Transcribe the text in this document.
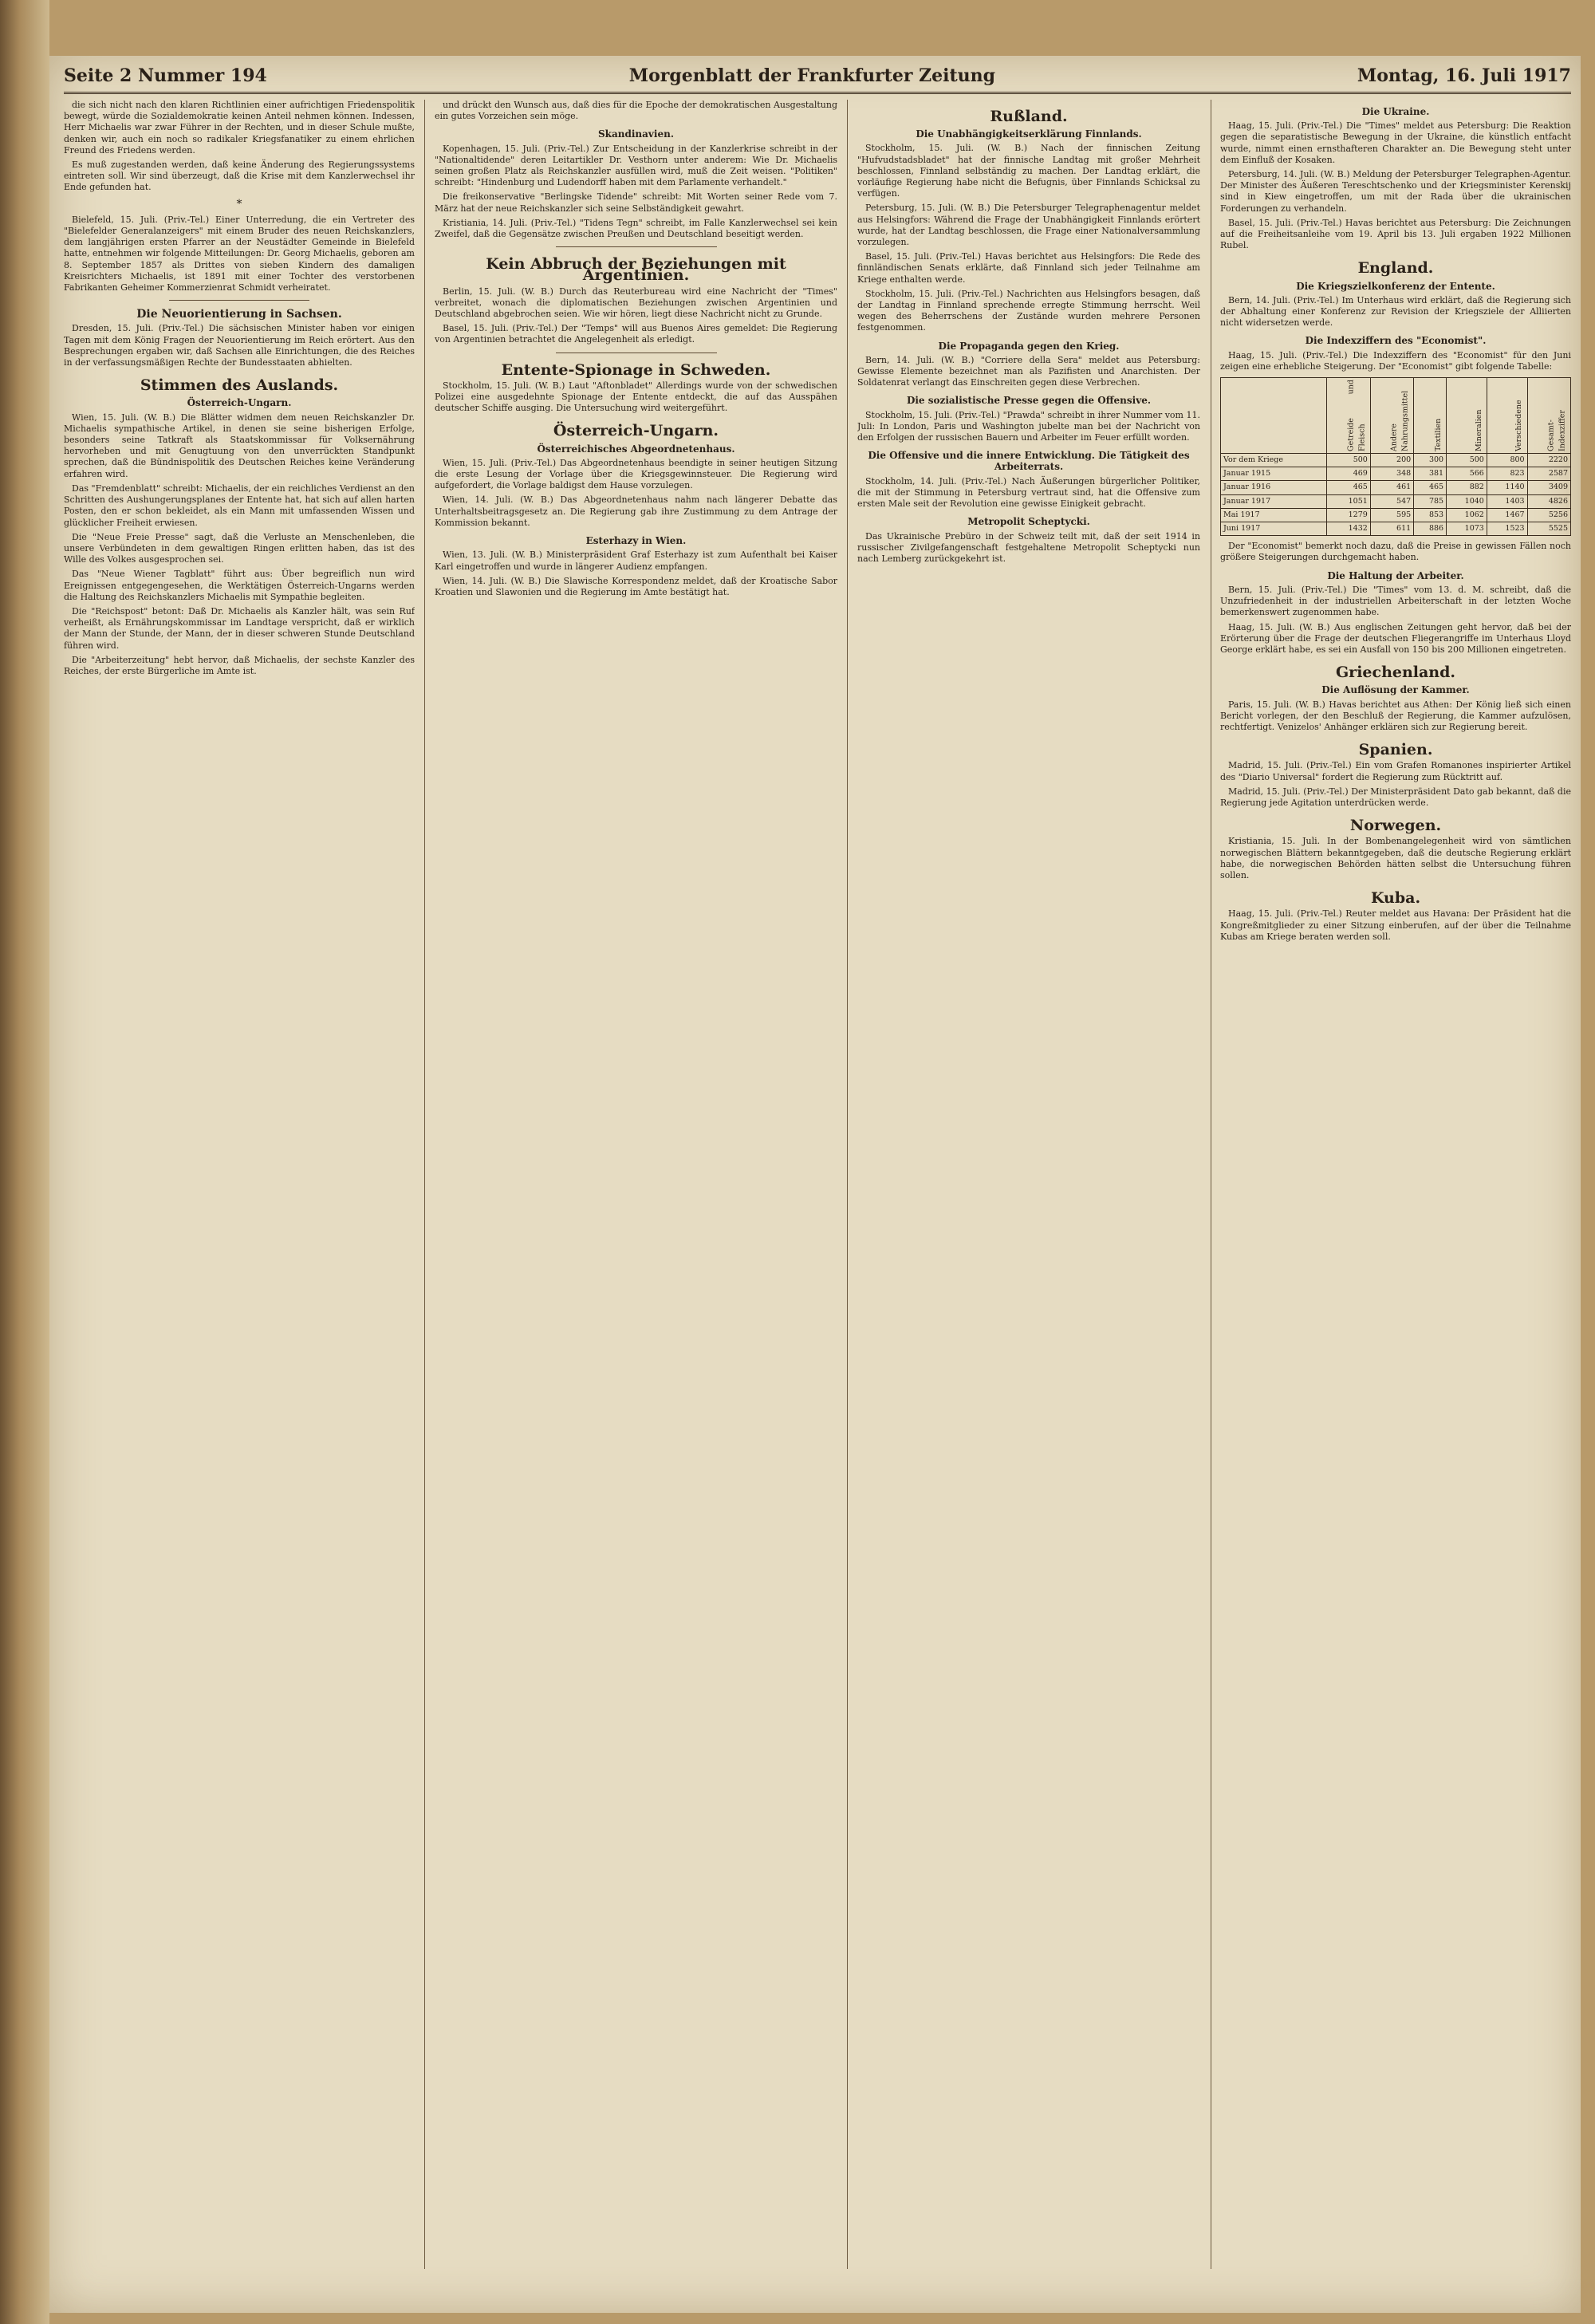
Seite 2 Nummer 194	Morgenblatt der Frankfurter Zeitung	Montag, 16. Juli 1917

die sich nicht nach den klaren Richtlinien einer aufrichtigen Friedenspolitik bewegt, würde die Sozialdemokratie keinen Anteil nehmen können. Indessen, Herr Michaelis war zwar Führer in der Rechten, und in dieser Schule mußte, denken wir, auch ein noch so radikaler Kriegsfanatiker zu einem ehrlichen Freund des Friedens werden.

Es muß zugestanden werden, daß keine Änderung des Regierungssystems eintreten soll. Wir sind überzeugt, daß die Krise mit dem Kanzlerwechsel ihr Ende gefunden hat.

*

Bielefeld, 15. Juli. (Priv.-Tel.) Einer Unterredung, die ein Vertreter des "Bielefelder Generalanzeigers" mit einem Bruder des neuen Reichskanzlers, dem langjährigen ersten Pfarrer an der Neustädter Gemeinde in Bielefeld hatte, entnehmen wir folgende Mitteilungen: Dr. Georg Michaelis, geboren am 8. September 1857 als Drittes von sieben Kindern des damaligen Kreisrichters Michaelis, ist 1891 mit einer Tochter des verstorbenen Fabrikanten Geheimer Kommerzienrat Schmidt verheiratet.

Die Neuorientierung in Sachsen.

Dresden, 15. Juli. (Priv.-Tel.) Die sächsischen Minister haben vor einigen Tagen mit dem König Fragen der Neuorientierung im Reich erörtert. Aus den Besprechungen ergaben wir, daß Sachsen alle Einrichtungen, die des Reiches in der verfassungsmäßigen Rechte der Bundesstaaten abhielten.

Stimmen des Auslands.
Österreich-Ungarn.

Wien, 15. Juli. (W. B.) Die Blätter widmen dem neuen Reichskanzler Dr. Michaelis sympathische Artikel, in denen sie seine bisherigen Erfolge, besonders seine Tatkraft als Staatskommissar für Volksernährung hervorheben und mit Genugtuung von den unverrückten Standpunkt sprechen, daß die Bündnispolitik des Deutschen Reiches keine Veränderung erfahren wird.

Das "Fremdenblatt" schreibt: Michaelis, der ein reichliches Verdienst an den Schritten des Aushungerungsplanes der Entente hat, hat sich auf allen harten Posten, den er schon bekleidet, als ein Mann mit umfassenden Wissen und glücklicher Freiheit erwiesen.

Die "Neue Freie Presse" sagt, daß die Verluste an Menschenleben, die unsere Verbündeten in dem gewaltigen Ringen erlitten haben, das ist des Wille des Volkes ausgesprochen sei.

Das "Neue Wiener Tagblatt" führt aus: Über begreiflich nun wird Ereignissen entgegengesehen, die Werktätigen Österreich-Ungarns werden die Haltung des Reichskanzlers Michaelis mit Sympathie begleiten.

Die "Reichspost" betont: Daß Dr. Michaelis als Kanzler hält, was sein Ruf verheißt, als Ernährungskommissar im Landtage verspricht, daß er wirklich der Mann der Stunde, der Mann, der in dieser schweren Stunde Deutschland führen wird.

Die "Arbeiterzeitung" hebt hervor, daß Michaelis, der sechste Kanzler des Reiches, der erste Bürgerliche im Amte ist.

und drückt den Wunsch aus, daß dies für die Epoche der demokratischen Ausgestaltung ein gutes Vorzeichen sein möge.

Skandinavien.

Kopenhagen, 15. Juli. (Priv.-Tel.) Zur Entscheidung in der Kanzlerkrise schreibt in der "Nationaltidende" deren Leitartikler Dr. Vesthorn unter anderem: Wie Dr. Michaelis seinen großen Platz als Reichskanzler ausfüllen wird, muß die Zeit weisen. "Politiken" schreibt: "Hindenburg und Ludendorff haben mit dem Parlamente verhandelt."

Die freikonservative "Berlingske Tidende" schreibt: Mit Worten seiner Rede vom 7. März hat der neue Reichskanzler sich seine Selbständigkeit gewahrt.

Kristiania, 14. Juli. (Priv.-Tel.) "Tidens Tegn" schreibt, im Falle Kanzlerwechsel sei kein Zweifel, daß die Gegensätze zwischen Preußen und Deutschland beseitigt werden.

Kein Abbruch der Beziehungen mit Argentinien.

Berlin, 15. Juli. (W. B.) Durch das Reuterbureau wird eine Nachricht der "Times" verbreitet, wonach die diplomatischen Beziehungen zwischen Argentinien und Deutschland abgebrochen seien. Wie wir hören, liegt diese Nachricht nicht zu Grunde.

Basel, 15. Juli. (Priv.-Tel.) Der "Temps" will aus Buenos Aires gemeldet: Die Regierung von Argentinien betrachtet die Angelegenheit als erledigt.

Entente-Spionage in Schweden.

Stockholm, 15. Juli. (W. B.) Laut "Aftonbladet" Allerdings wurde von der schwedischen Polizei eine ausgedehnte Spionage der Entente entdeckt, die auf das Ausspähen deutscher Schiffe ausging. Die Untersuchung wird weitergeführt.

Österreich-Ungarn.
Österreichisches Abgeordnetenhaus.

Wien, 15. Juli. (Priv.-Tel.) Das Abgeordnetenhaus beendigte in seiner heutigen Sitzung die erste Lesung der Vorlage über die Kriegsgewinnsteuer. Die Regierung wird aufgefordert, die Vorlage baldigst dem Hause vorzulegen.

Wien, 14. Juli. (W. B.) Das Abgeordnetenhaus nahm nach längerer Debatte das Unterhaltsbeitragsgesetz an. Die Regierung gab ihre Zustimmung zu dem Antrage der Kommission bekannt.

Esterhazy in Wien.

Wien, 13. Juli. (W. B.) Ministerpräsident Graf Esterhazy ist zum Aufenthalt bei Kaiser Karl eingetroffen und wurde in längerer Audienz empfangen.

Wien, 14. Juli. (W. B.) Die Slawische Korrespondenz meldet, daß der Kroatische Sabor Kroatien und Slawonien und die Regierung im Amte bestätigt hat.

Rußland.
Die Unabhängigkeitserklärung Finnlands.

Stockholm, 15. Juli. (W. B.) Nach der finnischen Zeitung "Hufvudstadsbladet" hat der finnische Landtag mit großer Mehrheit beschlossen, Finnland selbständig zu machen. Der Landtag erklärt, die vorläufige Regierung habe nicht die Befugnis, über Finnlands Schicksal zu verfügen.

Petersburg, 15. Juli. (W. B.) Die Petersburger Telegraphenagentur meldet aus Helsingfors: Während die Frage der Unabhängigkeit Finnlands erörtert wurde, hat der Landtag beschlossen, die Frage einer Nationalversammlung vorzulegen.

Basel, 15. Juli. (Priv.-Tel.) Havas berichtet aus Helsingfors: Die Rede des finnländischen Senats erklärte, daß Finnland sich jeder Teilnahme am Kriege enthalten werde.

Stockholm, 15. Juli. (Priv.-Tel.) Nachrichten aus Helsingfors besagen, daß der Landtag in Finnland sprechende erregte Stimmung herrscht. Weil wegen des Beherrschens der Zustände wurden mehrere Personen festgenommen.

Die Propaganda gegen den Krieg.

Bern, 14. Juli. (W. B.) "Corriere della Sera" meldet aus Petersburg: Gewisse Elemente bezeichnet man als Pazifisten und Anarchisten. Der Soldatenrat verlangt das Einschreiten gegen diese Verbrechen.

Die sozialistische Presse gegen die Offensive.

Stockholm, 15. Juli. (Priv.-Tel.) "Prawda" schreibt in ihrer Nummer vom 11. Juli: In London, Paris und Washington jubelte man bei der Nachricht von den Erfolgen der russischen Bauern und Arbeiter im Feuer erfüllt worden.

Die Offensive und die innere Entwicklung. Die Tätigkeit des Arbeiterrats.

Stockholm, 14. Juli. (Priv.-Tel.) Nach Äußerungen bürgerlicher Politiker, die mit der Stimmung in Petersburg vertraut sind, hat die Offensive zum ersten Male seit der Revolution eine gewisse Einigkeit gebracht.

Metropolit Scheptycki.

Das Ukrainische Prebüro in der Schweiz teilt mit, daß der seit 1914 in russischer Zivilgefangenschaft festgehaltene Metropolit Scheptycki nun nach Lemberg zurückgekehrt ist.

Die Ukraine.

Haag, 15. Juli. (Priv.-Tel.) Die "Times" meldet aus Petersburg: Die Reaktion gegen die separatistische Bewegung in der Ukraine, die künstlich entfacht wurde, nimmt einen ernsthafteren Charakter an. Die Bewegung steht unter dem Einfluß der Kosaken.

Petersburg, 14. Juli. (W. B.) Meldung der Petersburger Telegraphen-Agentur. Der Minister des Äußeren Tereschtschenko und der Kriegsminister Kerenskij sind in Kiew eingetroffen, um mit der Rada über die ukrainischen Forderungen zu verhandeln.

Basel, 15. Juli. (Priv.-Tel.) Havas berichtet aus Petersburg: Die Zeichnungen auf die Freiheitsanleihe vom 19. April bis 13. Juli ergaben 1922 Millionen Rubel.

England.
Die Kriegszielkonferenz der Entente.

Bern, 14. Juli. (Priv.-Tel.) Im Unterhaus wird erklärt, daß die Regierung sich der Abhaltung einer Konferenz zur Revision der Kriegsziele der Alliierten nicht widersetzen werde.

Die Indexziffern des "Economist".

Haag, 15. Juli. (Priv.-Tel.) Die Indexziffern des "Economist" für den Juni zeigen eine erhebliche Steigerung. Der "Economist" gibt folgende Tabelle:

	Getreide und Fleisch	Andere Nahrungsmittel	Textilien	Mineralien	Verschiedene	Gesamt-Indexziffer
Vor dem Kriege	500	200	300	500	800	2220
Januar 1915	469	348	381	566	823	2587
Januar 1916	465	461	465	882	1140	3409
Januar 1917	1051	547	785	1040	1403	4826
Mai 1917	1279	595	853	1062	1467	5256
Juni 1917	1432	611	886	1073	1523	5525

Der "Economist" bemerkt noch dazu, daß die Preise in gewissen Fällen noch größere Steigerungen durchgemacht haben.

Die Haltung der Arbeiter.

Bern, 15. Juli. (Priv.-Tel.) Die "Times" vom 13. d. M. schreibt, daß die Unzufriedenheit in der industriellen Arbeiterschaft in der letzten Woche bemerkenswert zugenommen habe.

Haag, 15. Juli. (W. B.) Aus englischen Zeitungen geht hervor, daß bei der Erörterung über die Frage der deutschen Fliegerangriffe im Unterhaus Lloyd George erklärt habe, es sei ein Ausfall von 150 bis 200 Millionen eingetreten.

Griechenland.
Die Auflösung der Kammer.

Paris, 15. Juli. (W. B.) Havas berichtet aus Athen: Der König ließ sich einen Bericht vorlegen, der den Beschluß der Regierung, die Kammer aufzulösen, rechtfertigt. Venizelos' Anhänger erklären sich zur Regierung bereit.

Spanien.

Madrid, 15. Juli. (Priv.-Tel.) Ein vom Grafen Romanones inspirierter Artikel des "Diario Universal" fordert die Regierung zum Rücktritt auf.

Madrid, 15. Juli. (Priv.-Tel.) Der Ministerpräsident Dato gab bekannt, daß die Regierung jede Agitation unterdrücken werde.

Norwegen.

Kristiania, 15. Juli. In der Bombenangelegenheit wird von sämtlichen norwegischen Blättern bekanntgegeben, daß die deutsche Regierung erklärt habe, die norwegischen Behörden hätten selbst die Untersuchung führen sollen.

Kuba.

Haag, 15. Juli. (Priv.-Tel.) Reuter meldet aus Havana: Der Präsident hat die Kongreßmitglieder zu einer Sitzung einberufen, auf der über die Teilnahme Kubas am Kriege beraten werden soll.
